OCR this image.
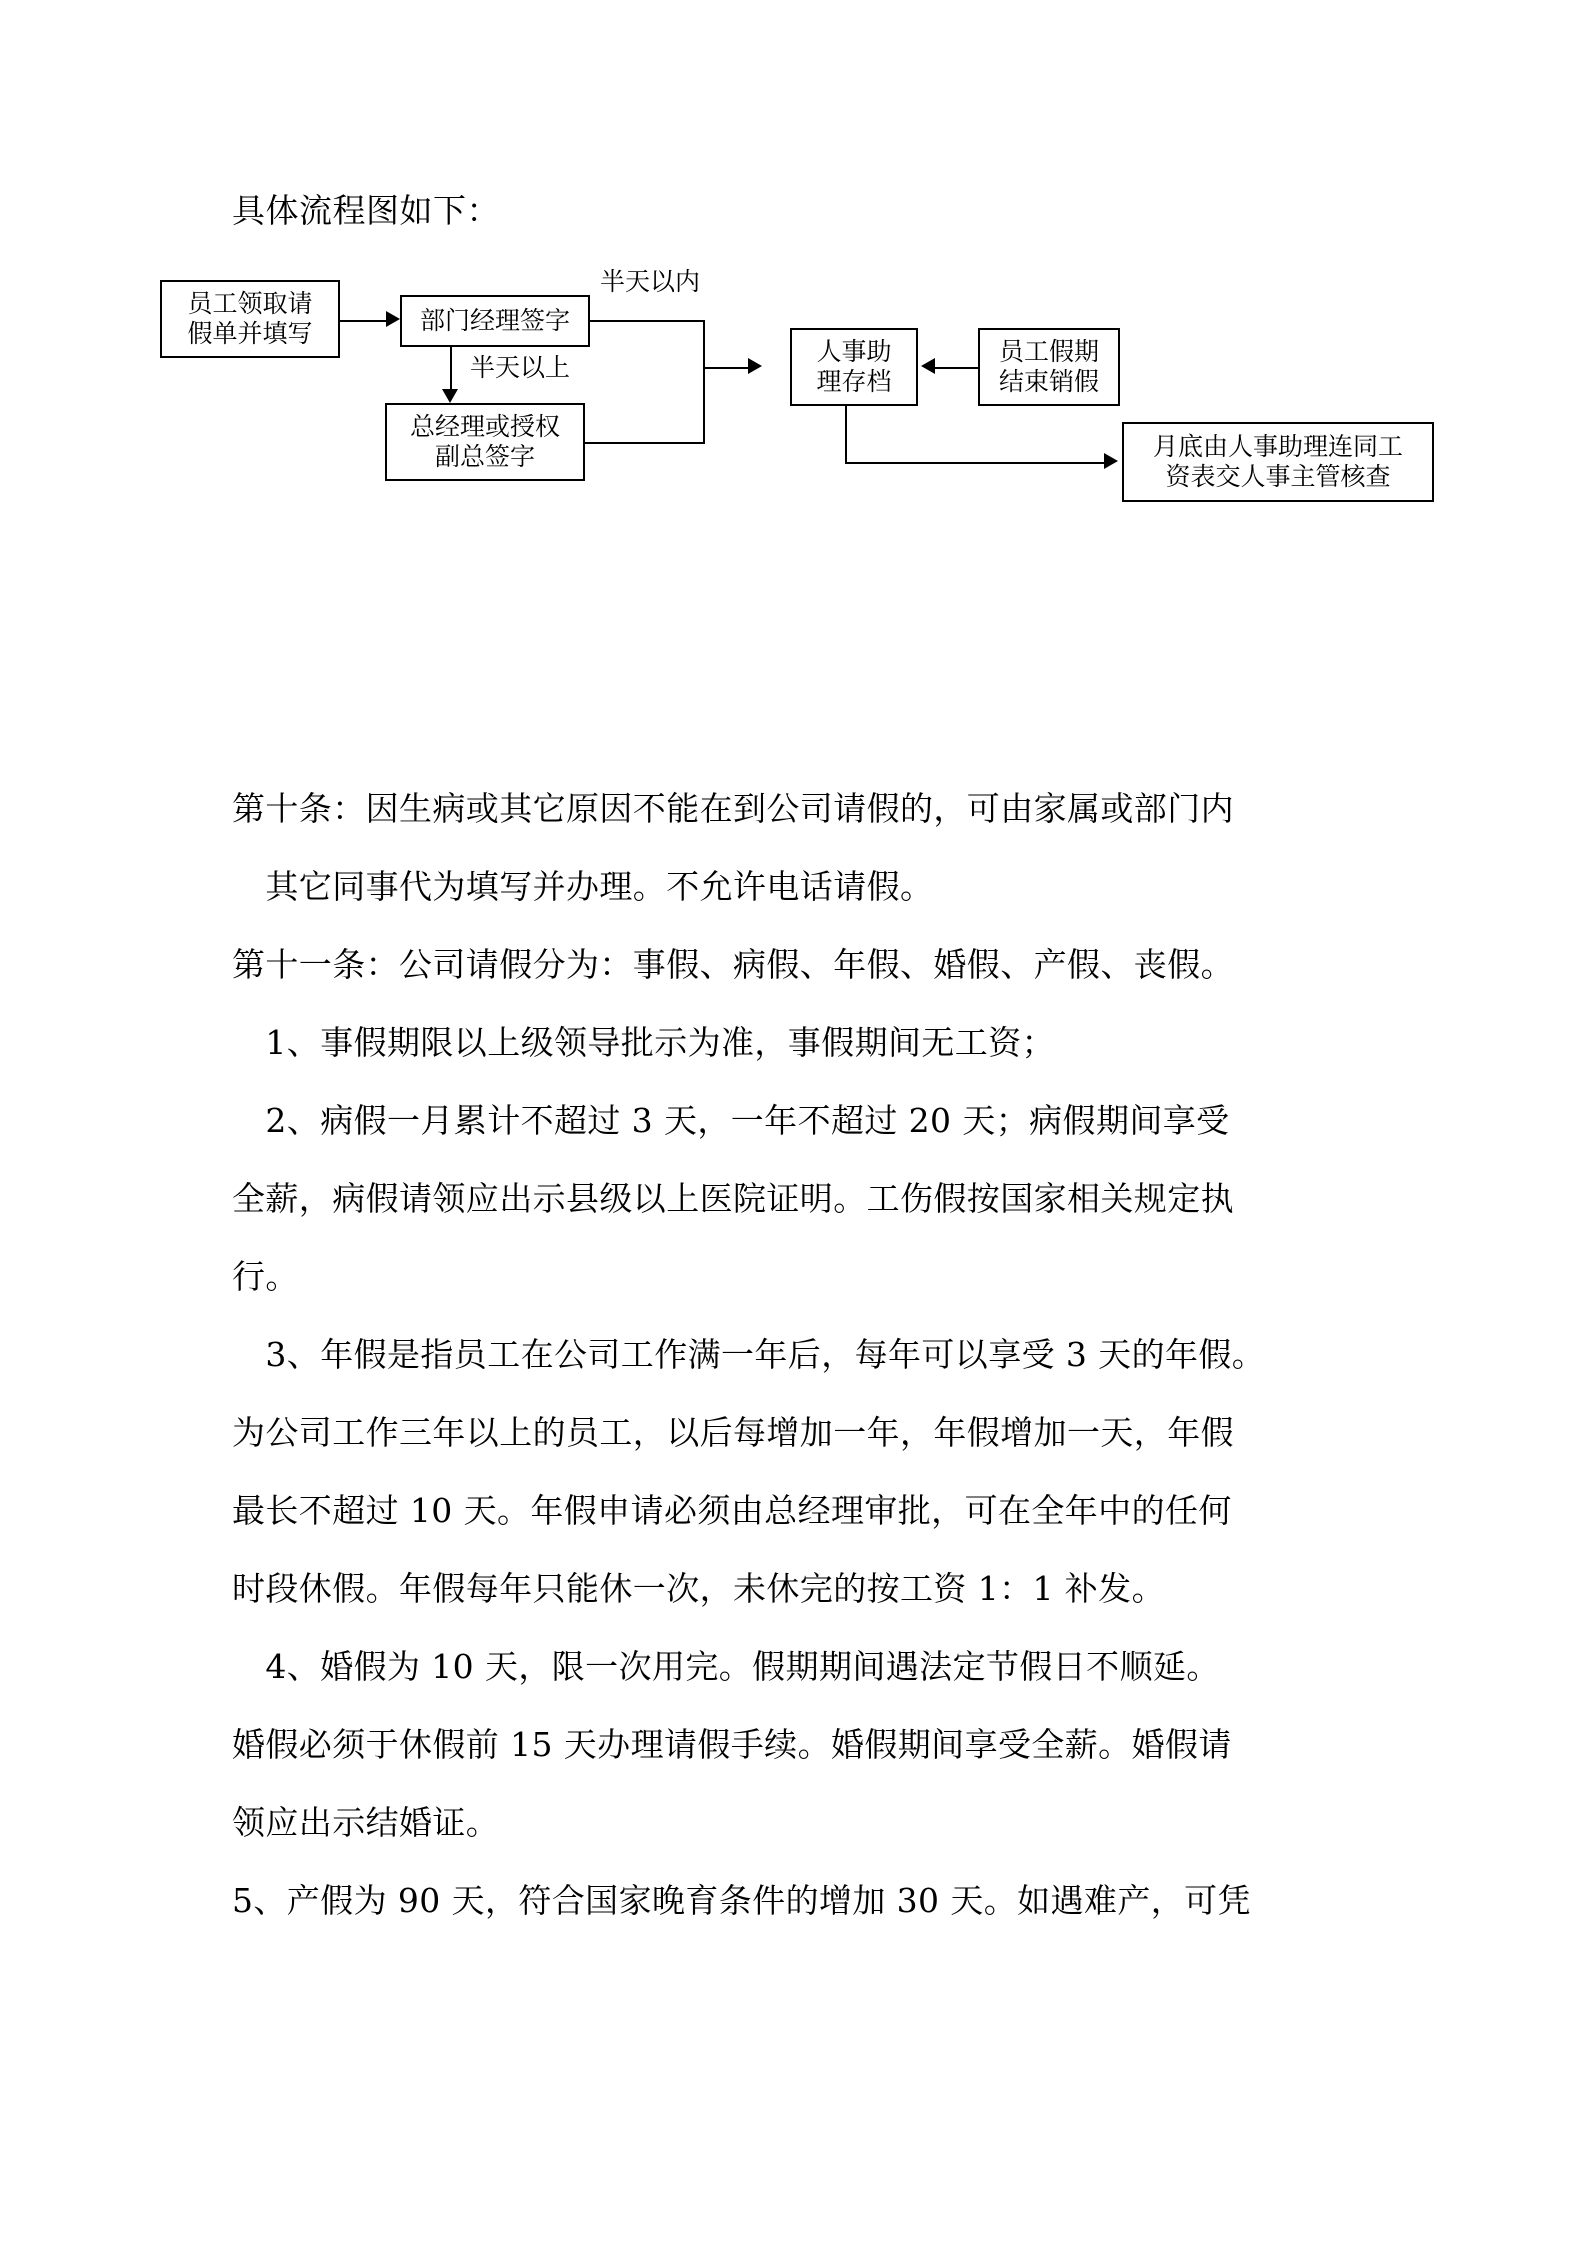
具体流程图如下：
员工领取请
假单并填写	部门经理签字
半天以内
半天以上
总经理或授权
副总签字
人事助
理存档
员工假期
结束销假
月底由人事助理连同工
资表交人事主管核查
第十条：因生病或其它原因不能在到公司请假的，可由家属或部门内
　其它同事代为填写并办理。不允许电话请假。
第十一条：公司请假分为：事假、病假、年假、婚假、产假、丧假。
　1、事假期限以上级领导批示为准，事假期间无工资；
　2、病假一月累计不超过 3 天，一年不超过 20 天；病假期间享受
全薪，病假请领应出示县级以上医院证明。工伤假按国家相关规定执
行。
　3、年假是指员工在公司工作满一年后，每年可以享受 3 天的年假。
为公司工作三年以上的员工，以后每增加一年，年假增加一天，年假
最长不超过 10 天。年假申请必须由总经理审批，可在全年中的任何
时段休假。年假每年只能休一次，未休完的按工资 1：1 补发。
　4、婚假为 10 天，限一次用完。假期期间遇法定节假日不顺延。
婚假必须于休假前 15 天办理请假手续。婚假期间享受全薪。婚假请
领应出示结婚证。
5、产假为 90 天，符合国家晚育条件的增加 30 天。如遇难产，可凭
